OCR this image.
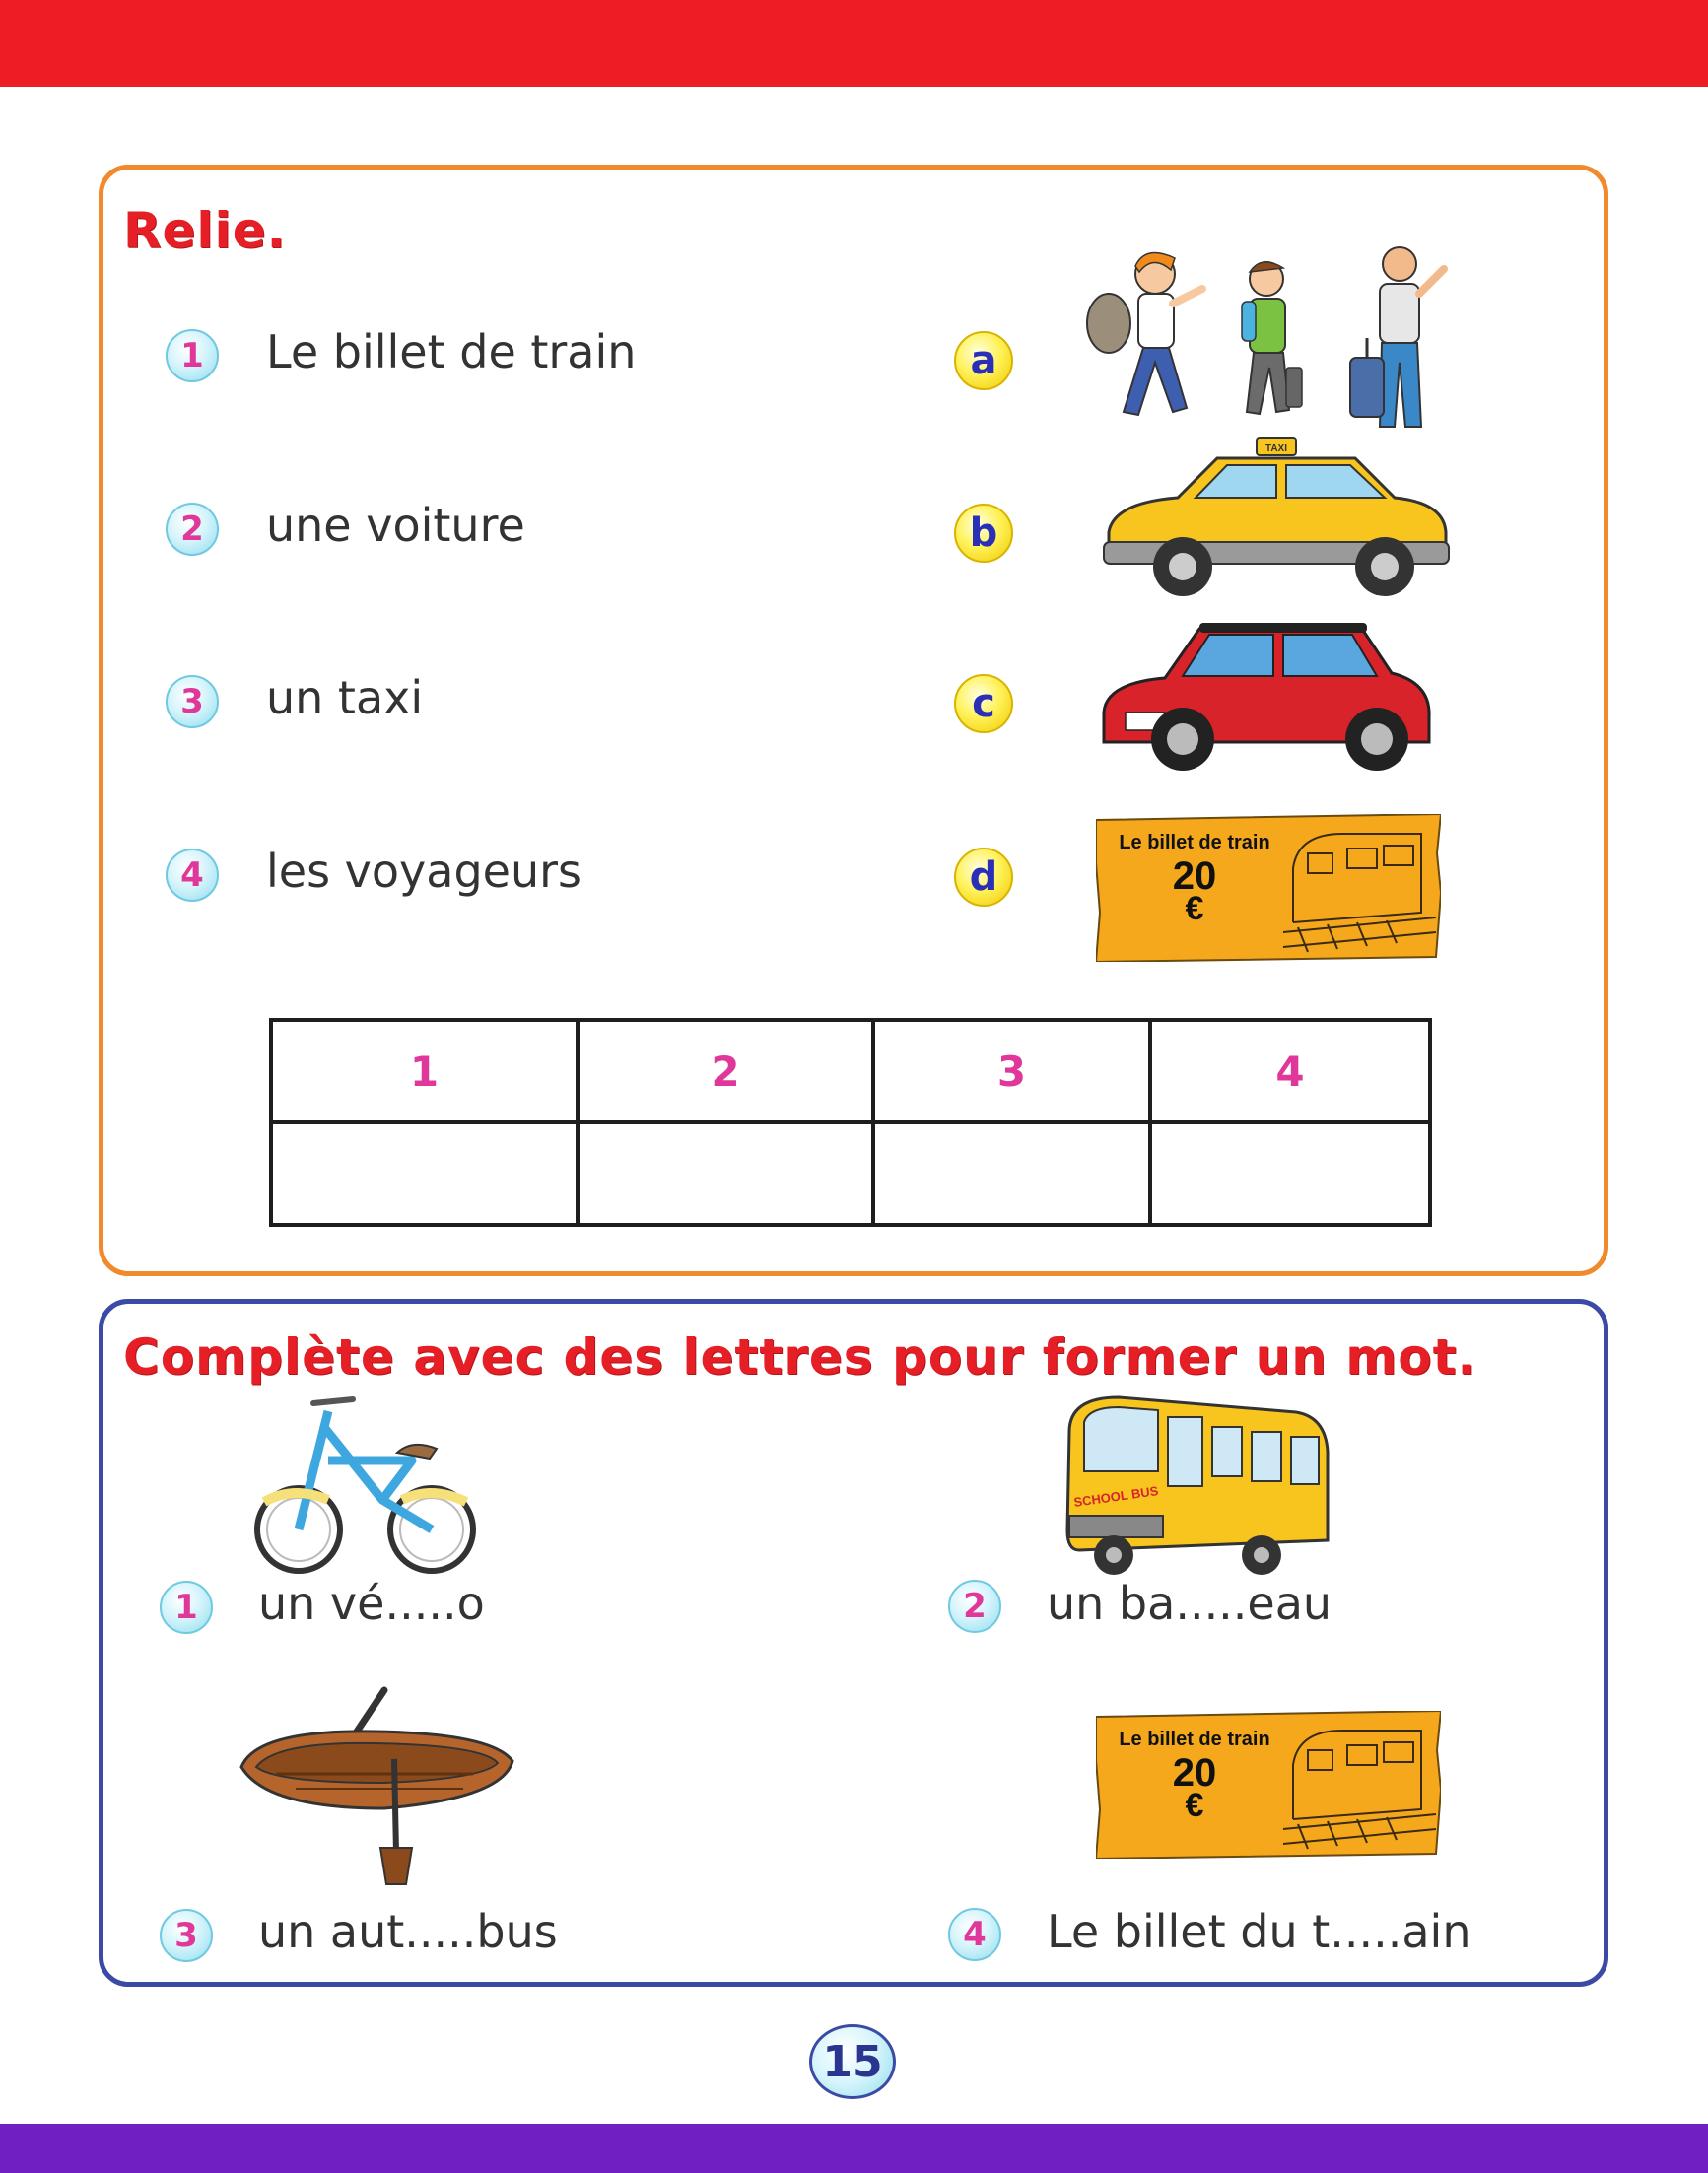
Relie.
1	Le billet de train

2	une voiture

3	un taxi

4	les voyageurs

a
b
c
d
TAXI
Le billet de train
20
€
1	2	3	4

Complète avec des lettres pour former un mot.
1	un vé.....o

SCHOOL BUS
2	un ba.....eau

3	un aut.....bus

Le billet de train
20
€
4	Le billet du t.....ain

15
